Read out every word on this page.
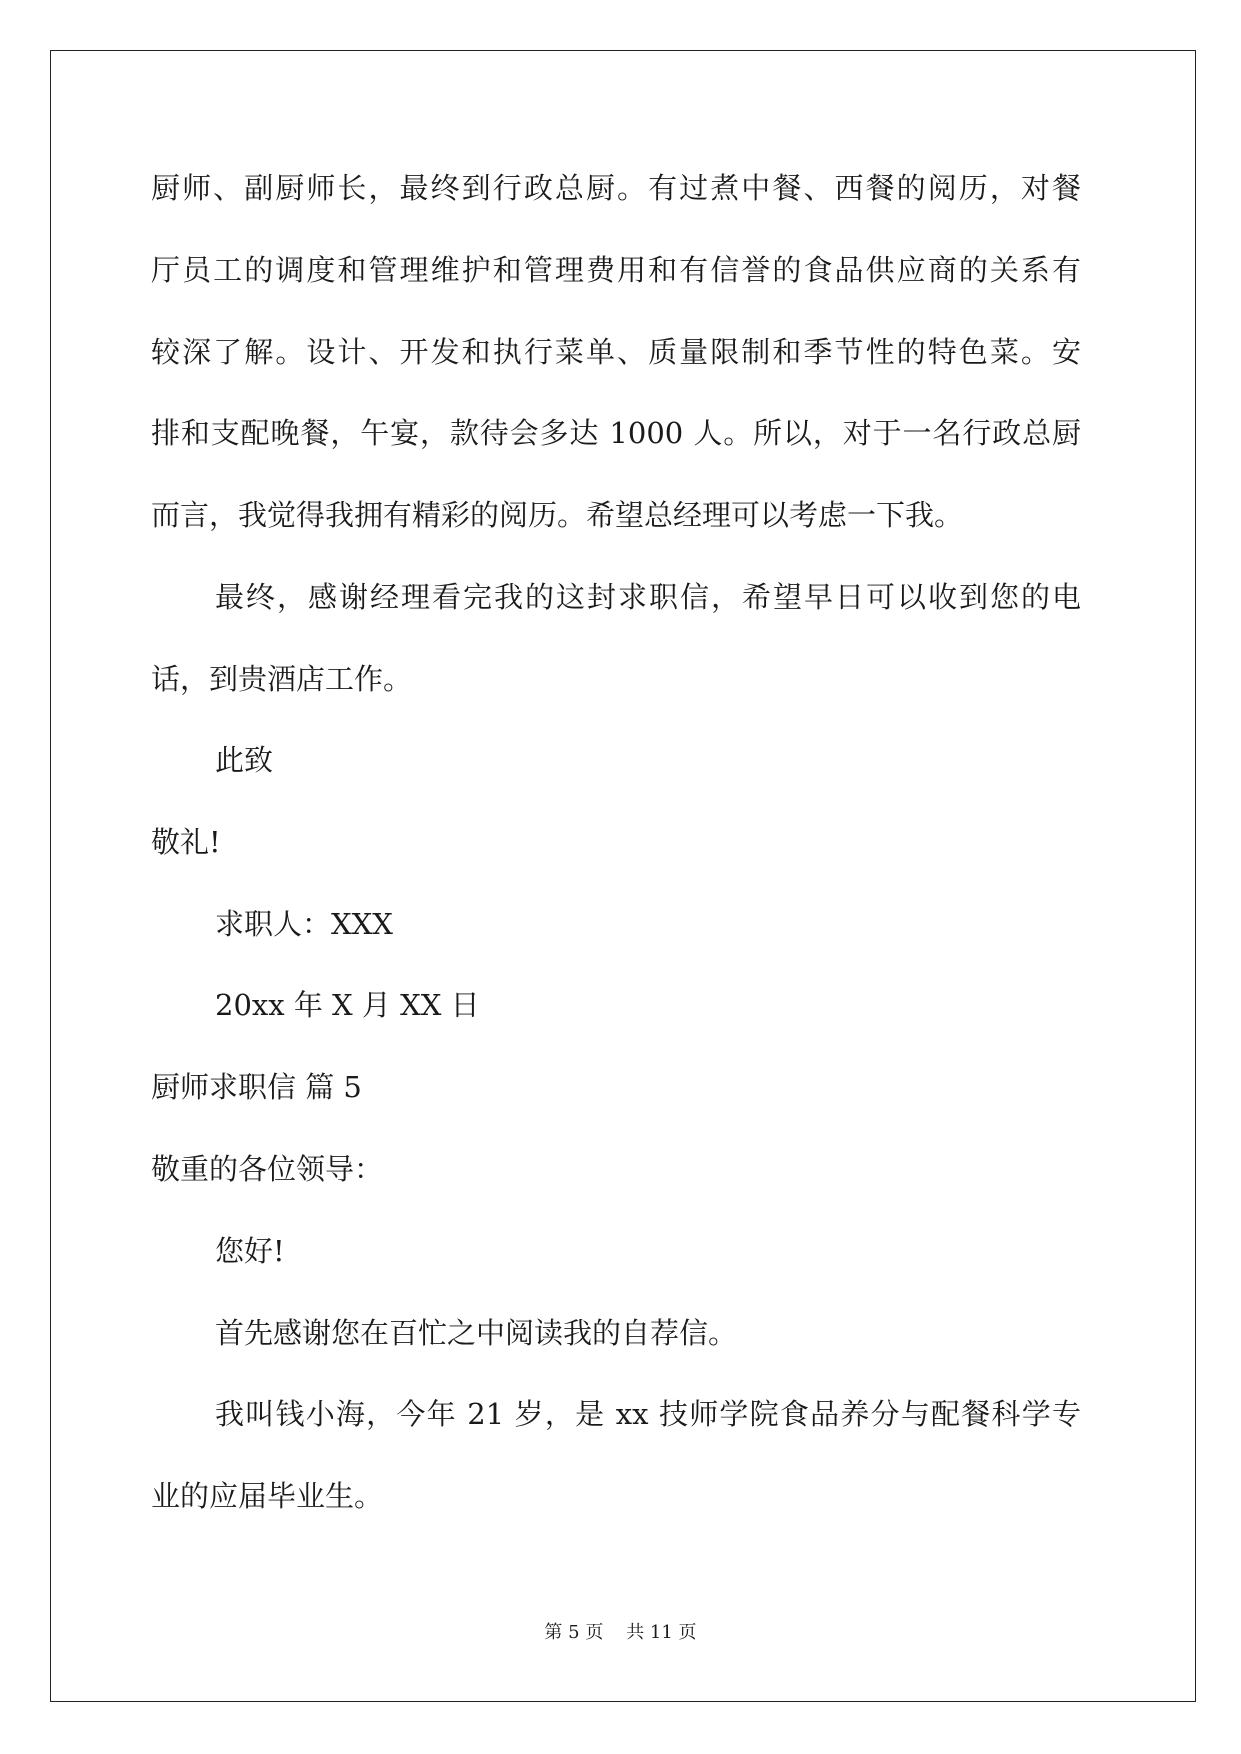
厨师、副厨师长，最终到行政总厨。有过煮中餐、西餐的阅历，对餐
厅员工的调度和管理维护和管理费用和有信誉的食品供应商的关系有
较深了解。设计、开发和执行菜单、质量限制和季节性的特色菜。安
排和支配晚餐，午宴，款待会多达 1000 人。所以，对于一名行政总厨
而言，我觉得我拥有精彩的阅历。希望总经理可以考虑一下我。
最终，感谢经理看完我的这封求职信，希望早日可以收到您的电
话，到贵酒店工作。
此致
敬礼!
求职人：XXX
20xx 年 X 月 XX 日
厨师求职信 篇 5
敬重的各位领导：
您好!
首先感谢您在百忙之中阅读我的自荐信。
我叫钱小海，今年 21 岁，是 xx 技师学院食品养分与配餐科学专
业的应届毕业生。
第 5 页    共 11 页
